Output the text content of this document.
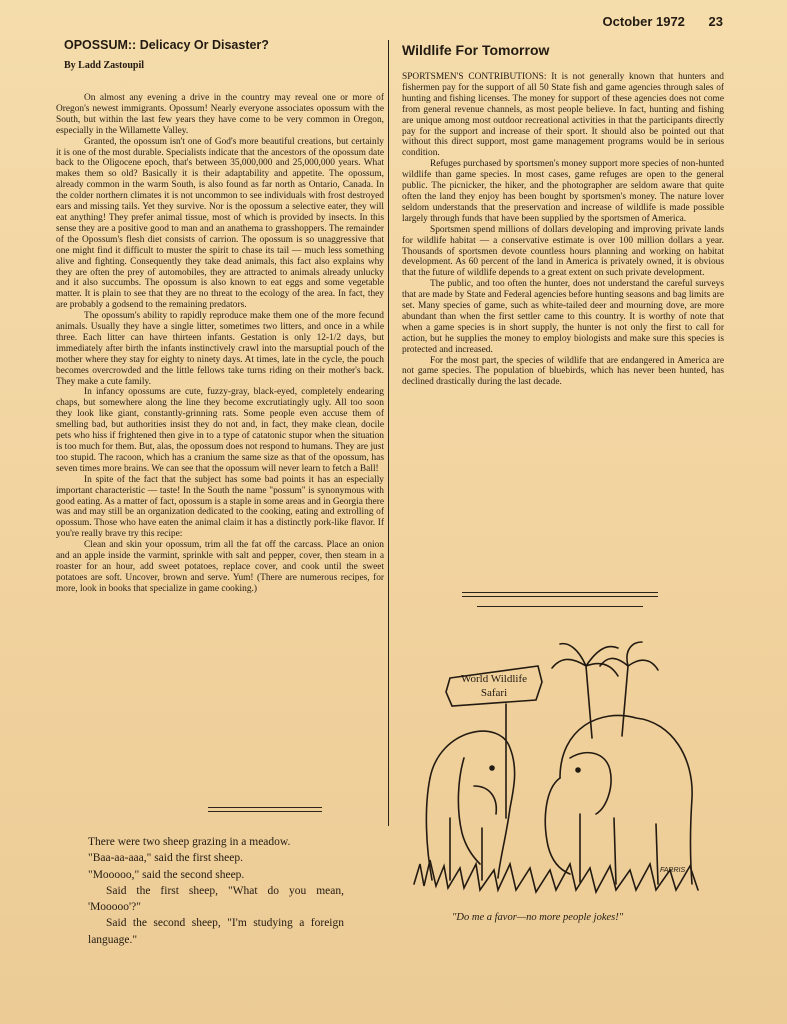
October 1972 23
OPOSSUM:: Delicacy Or Disaster?
By Ladd Zastoupil

On almost any evening a drive in the country may reveal one or more of Oregon's newest immigrants. Opossum! Nearly everyone associates opossum with the South, but within the last few years they have come to be very common in Oregon, especially in the Willamette Valley.

Granted, the opossum isn't one of God's more beautiful creations, but certainly it is one of the most durable. Specialists indicate that the ancestors of the opossum date back to the Oligocene epoch, that's between 35,000,000 and 25,000,000 years. What makes them so old? Basically it is their adaptability and appetite. The opossum, already common in the warm South, is also found as far north as Ontario, Canada. In the colder northern climates it is not uncommon to see individuals with frost destroyed ears and missing tails. Yet they survive. Nor is the opossum a selective eater, they will eat anything! They prefer animal tissue, most of which is provided by insects. In this sense they are a positive good to man and an anathema to grasshoppers. The remainder of the Opossum's flesh diet consists of carrion. The opossum is so unaggressive that one might find it difficult to muster the spirit to chase its tail — much less something alive and fighting. Consequently they take dead animals, this fact also explains why they are often the prey of automobiles, they are attracted to animals already unlucky and it also succumbs. The opossum is also known to eat eggs and some vegetable matter. It is plain to see that they are no threat to the ecology of the area. In fact, they are probably a godsend to the remaining predators.

The opossum's ability to rapidly reproduce make them one of the more fecund animals. Usually they have a single litter, sometimes two litters, and once in a while three. Each litter can have thirteen infants. Gestation is only 12-1/2 days, but immediately after birth the infants instinctively crawl into the marsuptial pouch of the mother where they stay for eighty to ninety days. At times, late in the cycle, the pouch becomes overcrowded and the little fellows take turns riding on their mother's back. They make a cute family.

In infancy opossums are cute, fuzzy-gray, black-eyed, completely endearing chaps, but somewhere along the line they become excrutiatingly ugly. All too soon they look like giant, constantly-grinning rats. Some people even accuse them of smelling bad, but authorities insist they do not and, in fact, they make clean, docile pets who hiss if frightened then give in to a type of catatonic stupor when the situation is too much for them. But, alas, the opossum does not respond to humans. They are just too stupid. The racoon, which has a cranium the same size as that of the opossum, has seven times more brains. We can see that the opossum will never learn to fetch a Ball!

In spite of the fact that the subject has some bad points it has an especially important characteristic — taste! In the South the name "possum" is synonymous with good eating. As a matter of fact, opossum is a staple in some areas and in Georgia there was and may still be an organization dedicated to the cooking, eating and extrolling of opossum. Those who have eaten the animal claim it has a distinctly pork-like flavor. If you're really brave try this recipe:

Clean and skin your opossum, trim all the fat off the carcass. Place an onion and an apple inside the varmint, sprinkle with salt and pepper, cover, then steam in a roaster for an hour, add sweet potatoes, replace cover, and cook until the sweet potatoes are soft. Uncover, brown and serve. Yum! (There are numerous recipes, for more, look in books that specialize in game cooking.)

There were two sheep grazing in a meadow.
"Baa-aa-aaa," said the first sheep.
"Mooooo," said the second sheep.
Said the first sheep, "What do you mean, 'Mooooo'?"
Said the second sheep, "I'm studying a foreign language."
Wildlife For Tomorrow

SPORTSMEN'S CONTRIBUTIONS: It is not generally known that hunters and fishermen pay for the support of all 50 State fish and game agencies through sales of hunting and fishing licenses. The money for support of these agencies does not come from general revenue channels, as most people believe. In fact, hunting and fishing are unique among most outdoor recreational activities in that the participants directly pay for the support and increase of their sport. It should also be pointed out that without this direct support, most game management programs would be in serious condition.

Refuges purchased by sportsmen's money support more species of non-hunted wildlife than game species. In most cases, game refuges are open to the general public. The picnicker, the hiker, and the photographer are seldom aware that quite often the land they enjoy has been bought by sportsmen's money. The nature lover seldom understands that the preservation and increase of wildlife is made possible largely through funds that have been supplied by the sportsmen of America.

Sportsmen spend millions of dollars developing and improving private lands for wildlife habitat — a conservative estimate is over 100 million dollars a year. Thousands of sportsmen devote countless hours planning and working on habitat development. As 60 percent of the land in America is privately owned, it is obvious that the future of wildlife depends to a great extent on such private development.

The public, and too often the hunter, does not understand the careful surveys that are made by State and Federal agencies before hunting seasons and bag limits are set. Many species of game, such as white-tailed deer and mourning dove, are more abundant than when the first settler came to this country. It is worthy of note that when a game species is in short supply, the hunter is not only the first to call for action, but he supplies the money to employ biologists and make sure this species is protected and increased.

For the most part, the species of wildlife that are endangered in America are not game species. The population of bluebirds, which has never been hunted, has declined drastically during the last decade.

World Wildlife
Safari
FARRIS
"Do me a favor—no more people jokes!"
